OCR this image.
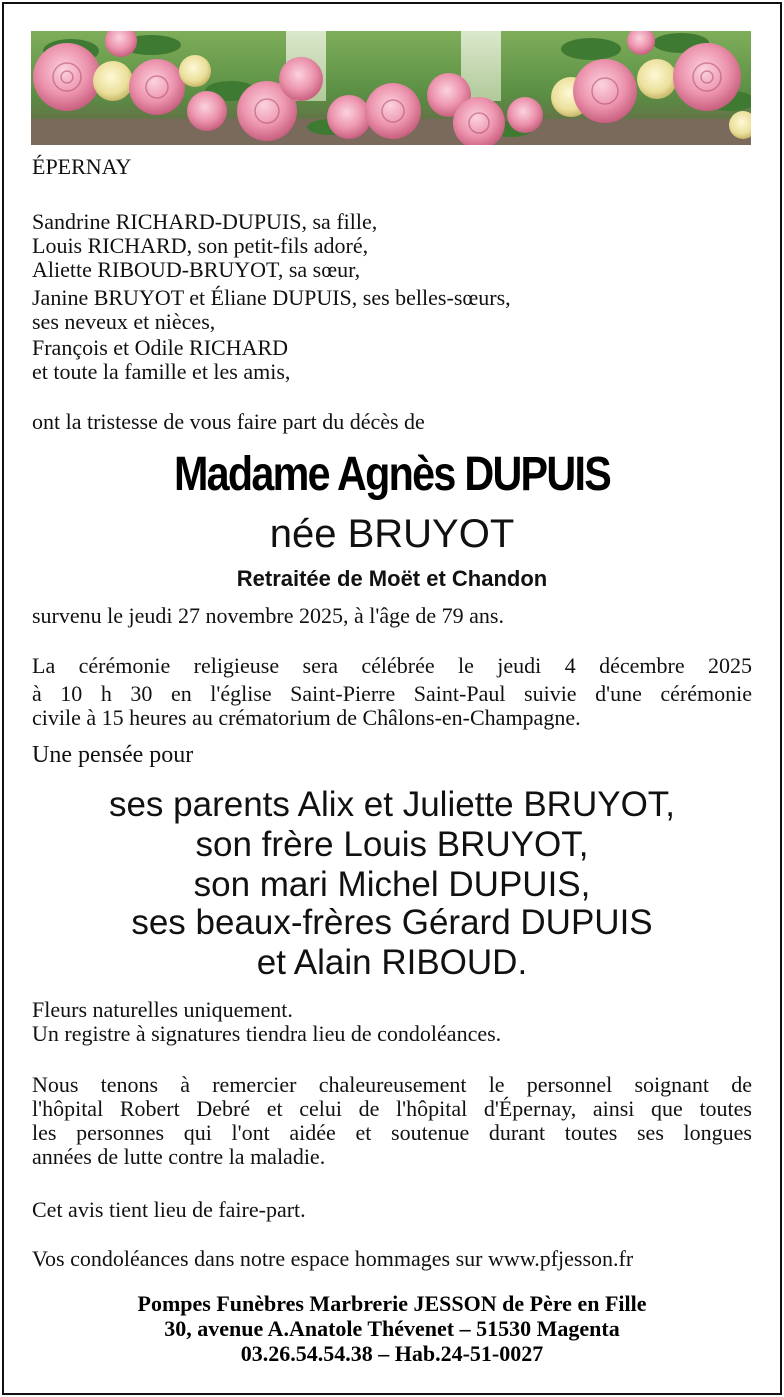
ÉPERNAY
Sandrine RICHARD-DUPUIS, sa fille,
Louis RICHARD, son petit-fils adoré,
Aliette RIBOUD-BRUYOT, sa sœur,
Janine BRUYOT et Éliane DUPUIS, ses belles-sœurs,
ses neveux et nièces,
François et Odile RICHARD
et toute la famille et les amis,
ont la tristesse de vous faire part du décès de
Madame Agnès DUPUIS
née BRUYOT
Retraitée de Moët et Chandon
survenu le jeudi 27 novembre 2025, à l'âge de 79 ans.
La cérémonie religieuse sera célébrée le jeudi 4 décembre 2025
à 10 h 30 en l'église Saint-Pierre Saint-Paul suivie d'une cérémonie
civile à 15 heures au crématorium de Châlons-en-Champagne.
Une pensée pour
ses parents Alix et Juliette BRUYOT,
son frère Louis BRUYOT,
son mari Michel DUPUIS,
ses beaux-frères Gérard DUPUIS
et Alain RIBOUD.
Fleurs naturelles uniquement.
Un registre à signatures tiendra lieu de condoléances.
Nous tenons à remercier chaleureusement le personnel soignant de
l'hôpital Robert Debré et celui de l'hôpital d'Épernay, ainsi que toutes
les personnes qui l'ont aidée et soutenue durant toutes ses longues
années de lutte contre la maladie.
Cet avis tient lieu de faire-part.
Vos condoléances dans notre espace hommages sur www.pfjesson.fr
Pompes Funèbres Marbrerie JESSON de Père en Fille
30, avenue A.Anatole Thévenet – 51530 Magenta
03.26.54.54.38 – Hab.24-51-0027
